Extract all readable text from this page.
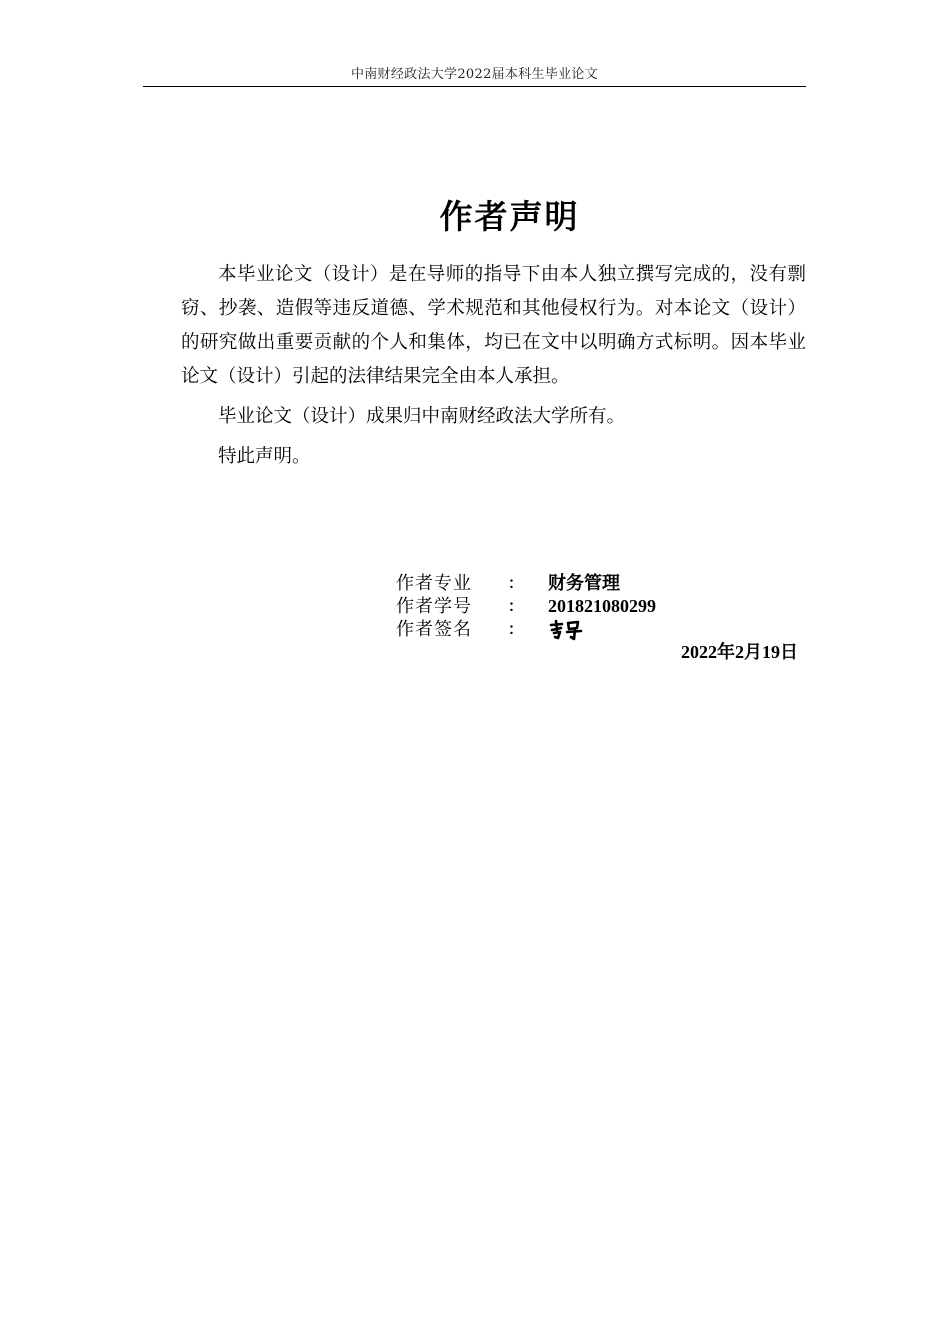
中南财经政法大学2022届本科生毕业论文
作者声明

本毕业论文（设计）是在导师的指导下由本人独立撰写完成的，没有剽窃、抄袭、造假等违反道德、学术规范和其他侵权行为。对本论文（设计）的研究做出重要贡献的个人和集体，均已在文中以明确方式标明。因本毕业论文（设计）引起的法律结果完全由本人承担。

毕业论文（设计）成果归中南财经政法大学所有。

特此声明。

作者专业	：	财务管理
作者学号	：	201821080299
作者签名	：
2022年2月19日
